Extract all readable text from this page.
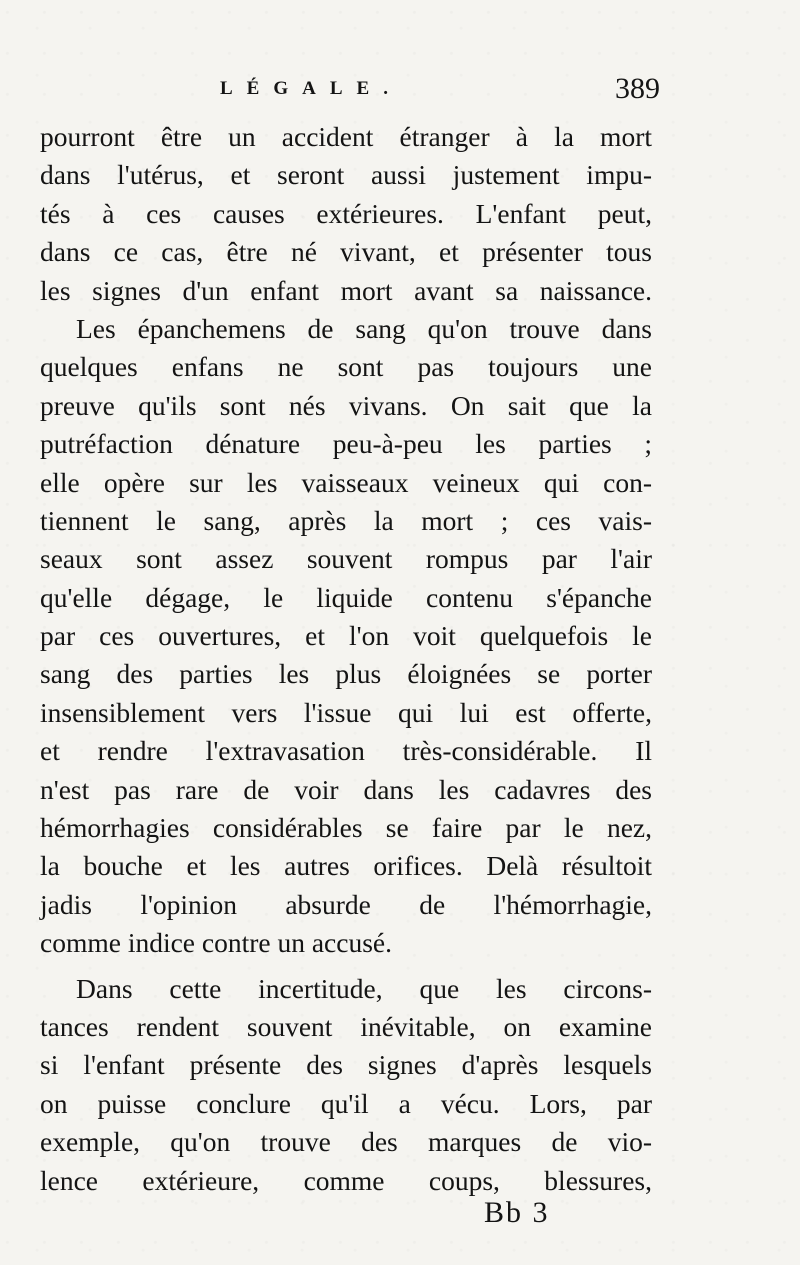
LÉGALE.	389
pourront être un accident étranger à la mort
dans l'utérus, et seront aussi justement impu-
tés à ces causes extérieures. L'enfant peut,
dans ce cas, être né vivant, et présenter tous
les signes d'un enfant mort avant sa naissance.
Les épanchemens de sang qu'on trouve dans
quelques enfans ne sont pas toujours une
preuve qu'ils sont nés vivans. On sait que la
putréfaction dénature peu-à-peu les parties ;
elle opère sur les vaisseaux veineux qui con-
tiennent le sang, après la mort ; ces vais-
seaux sont assez souvent rompus par l'air
qu'elle dégage, le liquide contenu s'épanche
par ces ouvertures, et l'on voit quelquefois le
sang des parties les plus éloignées se porter
insensiblement vers l'issue qui lui est offerte,
et rendre l'extravasation très-considérable. Il
n'est pas rare de voir dans les cadavres des
hémorrhagies considérables se faire par le nez,
la bouche et les autres orifices. Delà résultoit
jadis l'opinion absurde de l'hémorrhagie,
comme indice contre un accusé.
Dans cette incertitude, que les circons-
tances rendent souvent inévitable, on examine
si l'enfant présente des signes d'après lesquels
on puisse conclure qu'il a vécu. Lors, par
exemple, qu'on trouve des marques de vio-
lence extérieure, comme coups, blessures,
Bb 3
